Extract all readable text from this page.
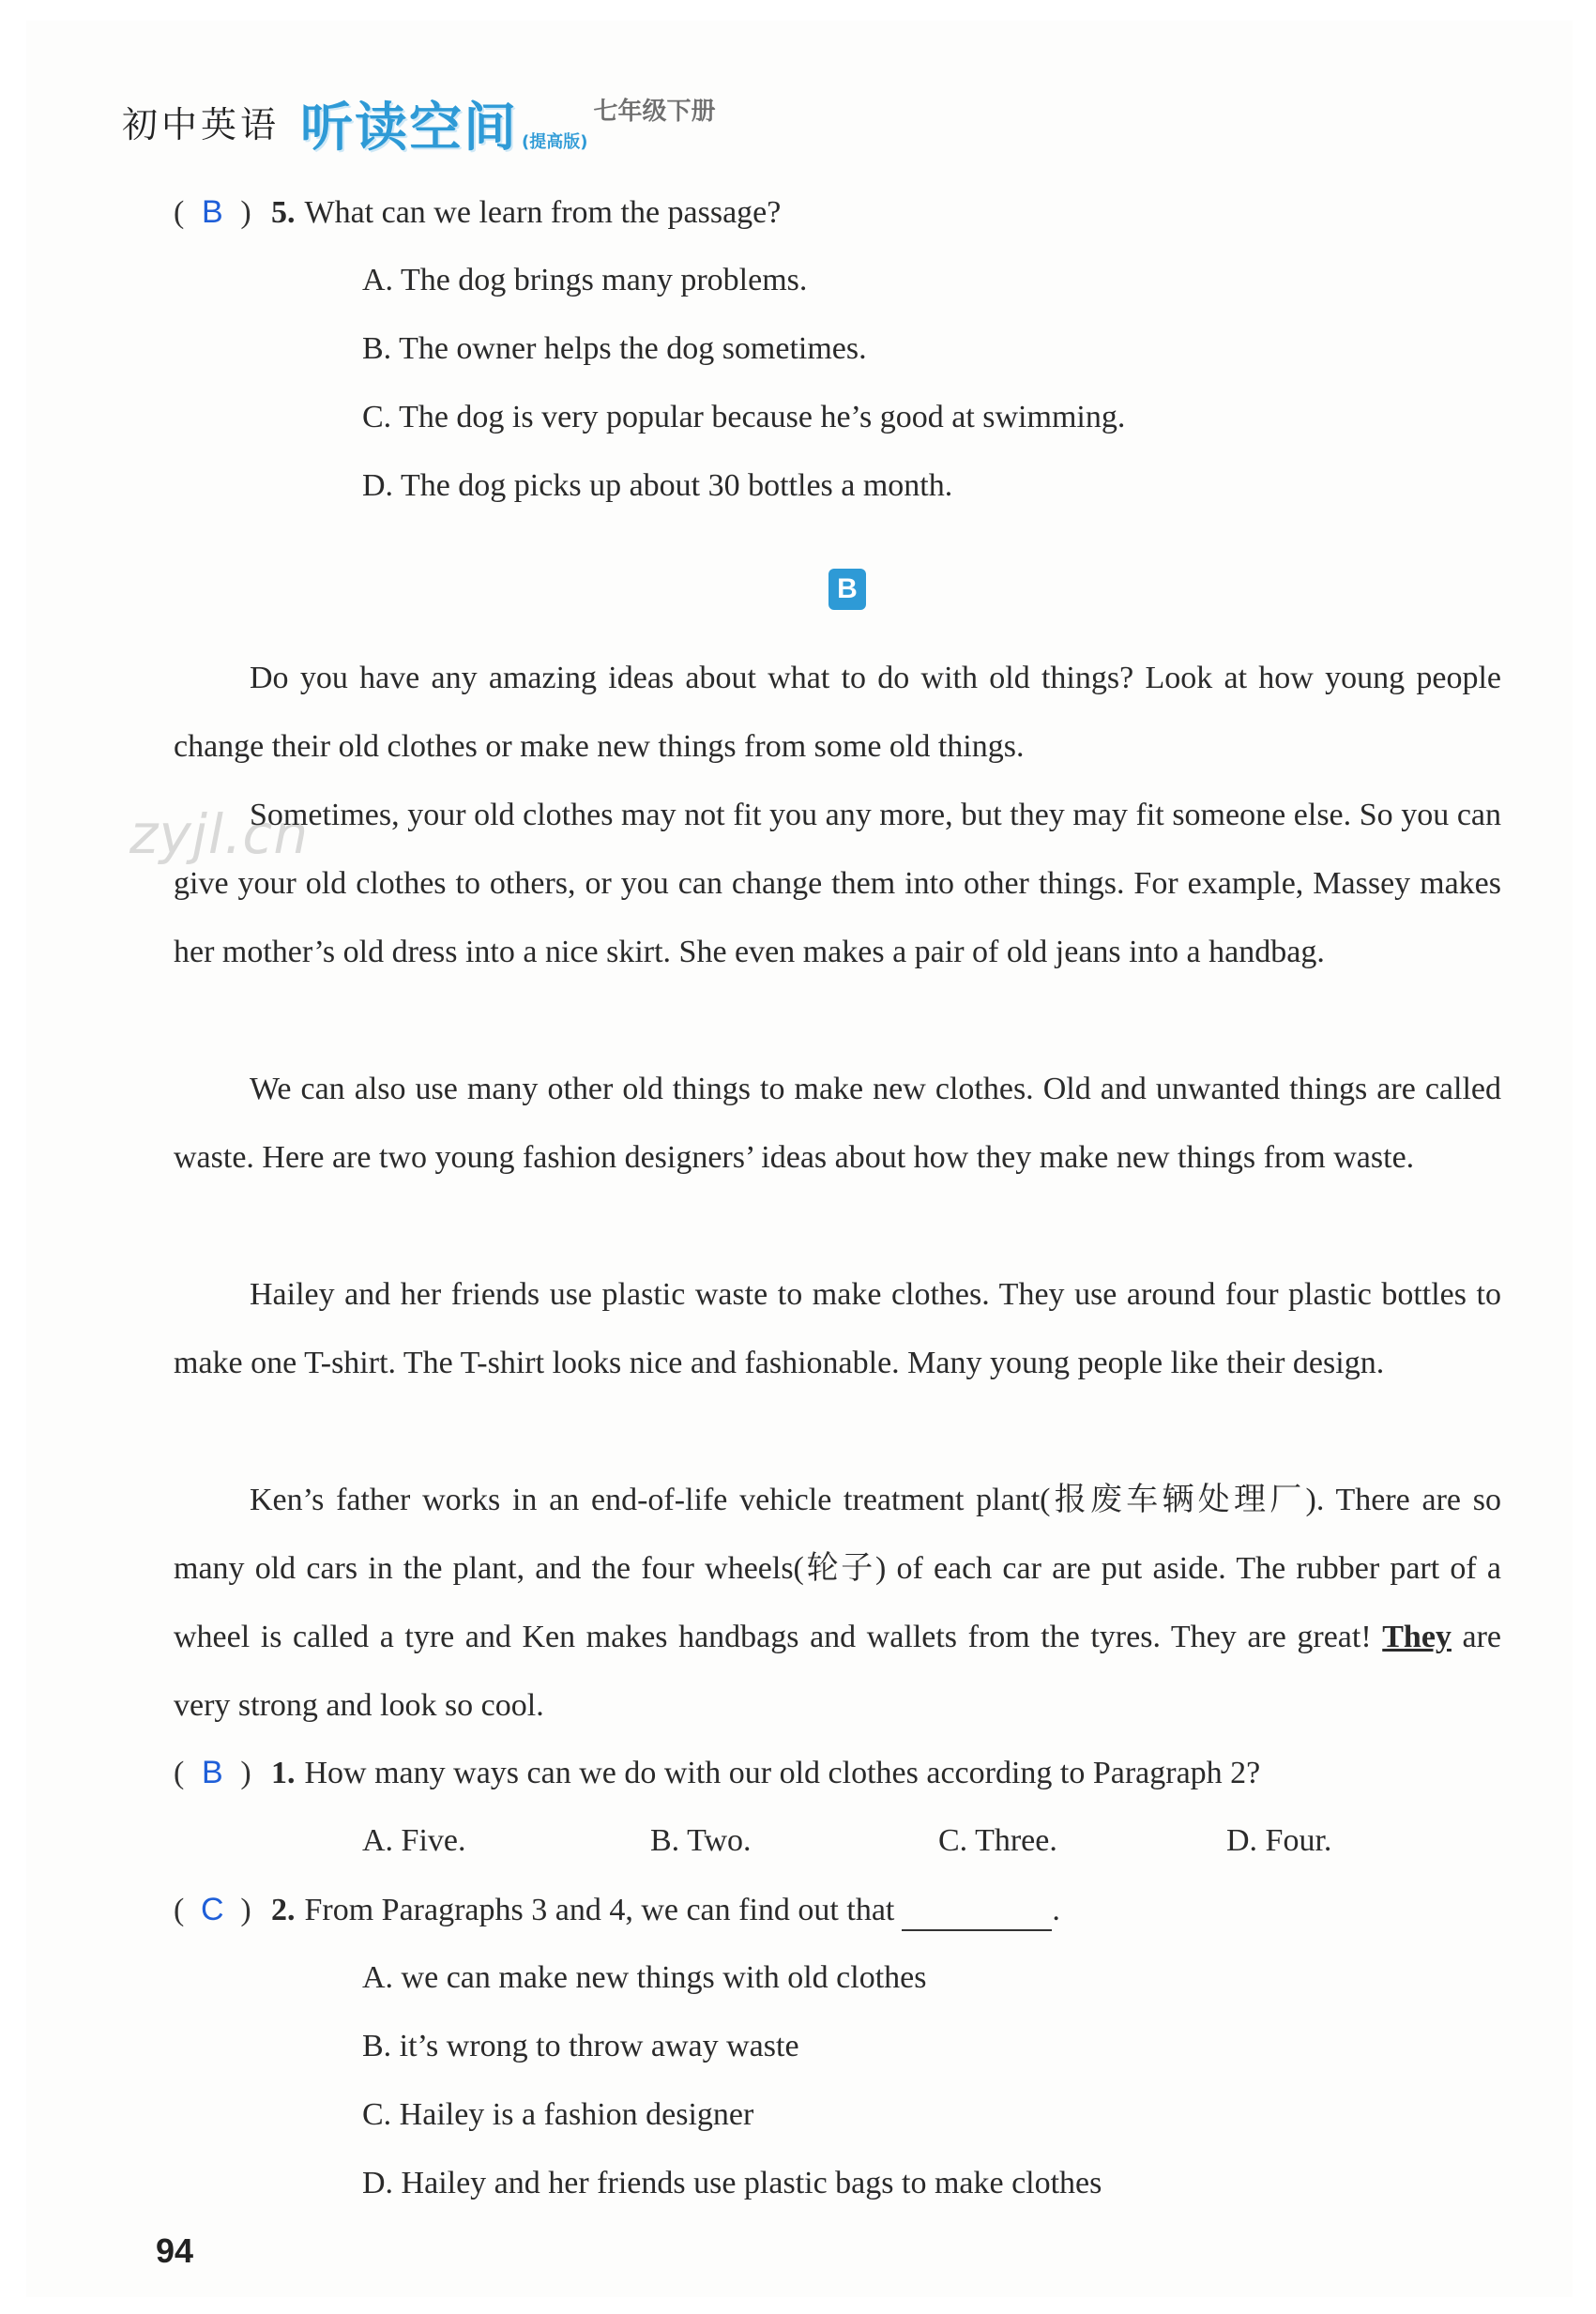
初中英语 听读空间 (提高版)
七年级下册
( B ) 5. What can we learn from the passage?
A. The dog brings many problems.
B. The owner helps the dog sometimes.
C. The dog is very popular because he’s good at swimming.
D. The dog picks up about 30 bottles a month.
B
zyjl.cn

Do you have any amazing ideas about what to do with old things? Look at how young people change their old clothes or make new things from some old things.

Sometimes, your old clothes may not fit you any more, but they may fit someone else. So you can give your old clothes to others, or you can change them into other things. For example, Massey makes her mother’s old dress into a nice skirt. She even makes a pair of old jeans into a handbag.

We can also use many other old things to make new clothes. Old and unwanted things are called waste. Here are two young fashion designers’ ideas about how they make new things from waste.

Hailey and her friends use plastic waste to make clothes. They use around four plastic bottles to make one T-shirt. The T-shirt looks nice and fashionable. Many young people like their design.

Ken’s father works in an end-of-life vehicle treatment plant(报废车辆处理厂). There are so many old cars in the plant, and the four wheels(轮子) of each car are put aside. The rubber part of a wheel is called a tyre and Ken makes handbags and wallets from the tyres. They are great! They are very strong and look so cool.

( B ) 1. How many ways can we do with our old clothes according to Paragraph 2?
A. Five.	B. Two.	C. Three.	D. Four.
( C ) 2. From Paragraphs 3 and 4, we can find out that	.
A. we can make new things with old clothes
B. it’s wrong to throw away waste
C. Hailey is a fashion designer
D. Hailey and her friends use plastic bags to make clothes
94
